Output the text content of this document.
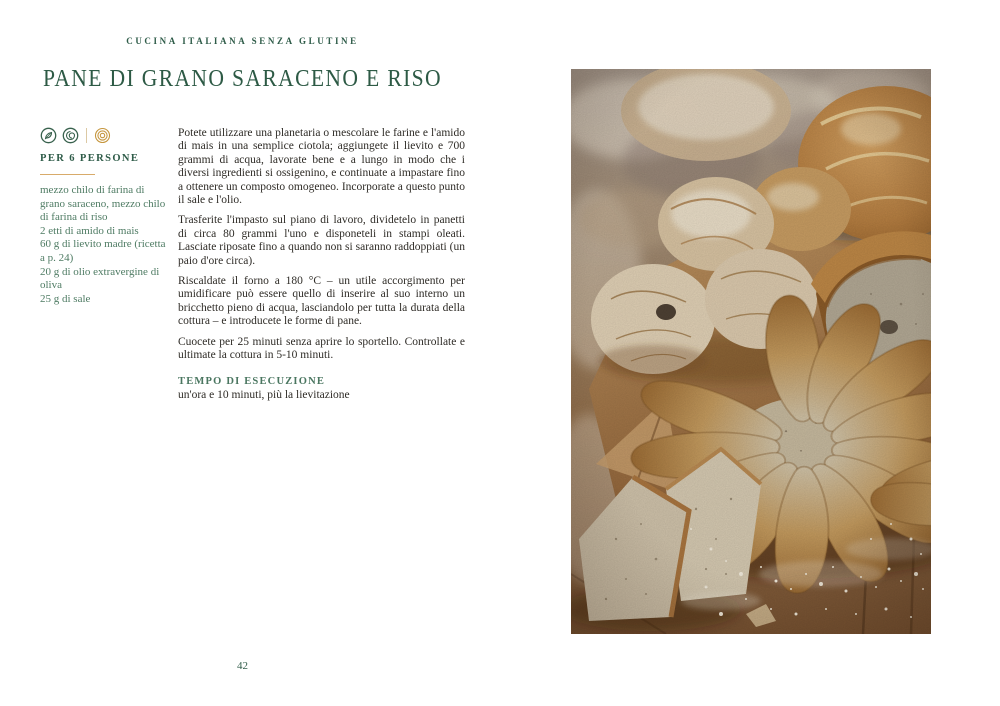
CUCINA ITALIANA SENZA GLUTINE
PANE DI GRANO SARACENO E RISO
PER 6 PERSONE
mezzo chilo di farina di grano saraceno, mezzo chilo di farina di riso
2 etti di amido di mais
60 g di lievito madre (ricetta a p. 24)
20 g di olio extravergine di oliva
25 g di sale

Potete utilizzare una planetaria o mescolare le farine e l'amido di mais in una semplice ciotola; aggiungete il lievito e 700 grammi di acqua, lavorate bene e a lungo in modo che i diversi ingredienti si ossigenino, e continuate a impastare fino a ottenere un composto omogeneo. Incorporate a questo punto il sale e l'olio.

Trasferite l'impasto sul piano di lavoro, dividetelo in panetti di circa 80 grammi l'uno e disponeteli in stampi oleati. Lasciate riposate fino a quando non si saranno raddoppiati (un paio d'ore circa).

Riscaldate il forno a 180 °C – un utile accorgimento per umidificare può essere quello di inserire al suo interno un bricchetto pieno di acqua, lasciandolo per tutta la durata della cottura – e introducete le forme di pane.

Cuocete per 25 minuti senza aprire lo sportello. Controllate e ultimate la cottura in 5-10 minuti.

TEMPO DI ESECUZIONE

un'ora e 10 minuti, più la lievitazione

42
